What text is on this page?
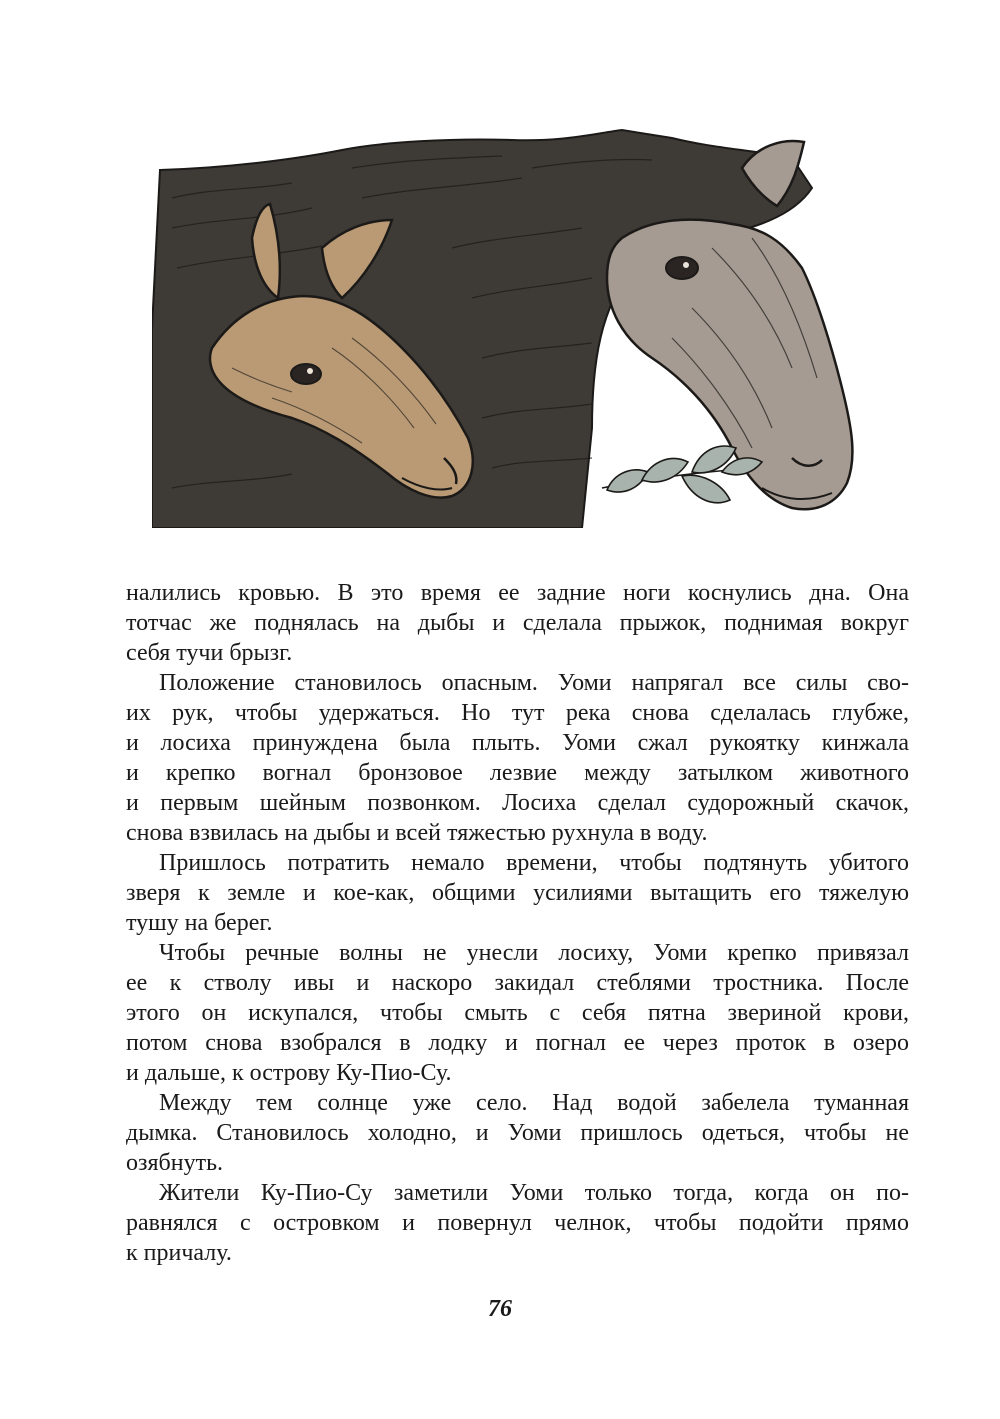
налились кровью. В это время ее задние ноги коснулись дна. Она
тотчас же поднялась на дыбы и сделала прыжок, поднимая вокруг
себя тучи брызг.

Положение становилось опасным. Уоми напрягал все силы сво-
их рук, чтобы удержаться. Но тут река снова сделалась глубже,
и лосиха принуждена была плыть. Уоми сжал рукоятку кинжала
и крепко вогнал бронзовое лезвие между затылком животного
и первым шейным позвонком. Лосиха сделал судорожный скачок,
снова взвилась на дыбы и всей тяжестью рухнула в воду.

Пришлось потратить немало времени, чтобы подтянуть убитого
зверя к земле и кое-как, общими усилиями вытащить его тяжелую
тушу на берег.

Чтобы речные волны не унесли лосиху, Уоми крепко привязал
ее к стволу ивы и наскоро закидал стеблями тростника. После
этого он искупался, чтобы смыть с себя пятна звериной крови,
потом снова взобрался в лодку и погнал ее через проток в озеро
и дальше, к острову Ку-Пио-Су.

Между тем солнце уже село. Над водой забелела туманная
дымка. Становилось холодно, и Уоми пришлось одеться, чтобы не
озябнуть.

Жители Ку-Пио-Су заметили Уоми только тогда, когда он по-
равнялся с островком и повернул челнок, чтобы подойти прямо
к причалу.

76
